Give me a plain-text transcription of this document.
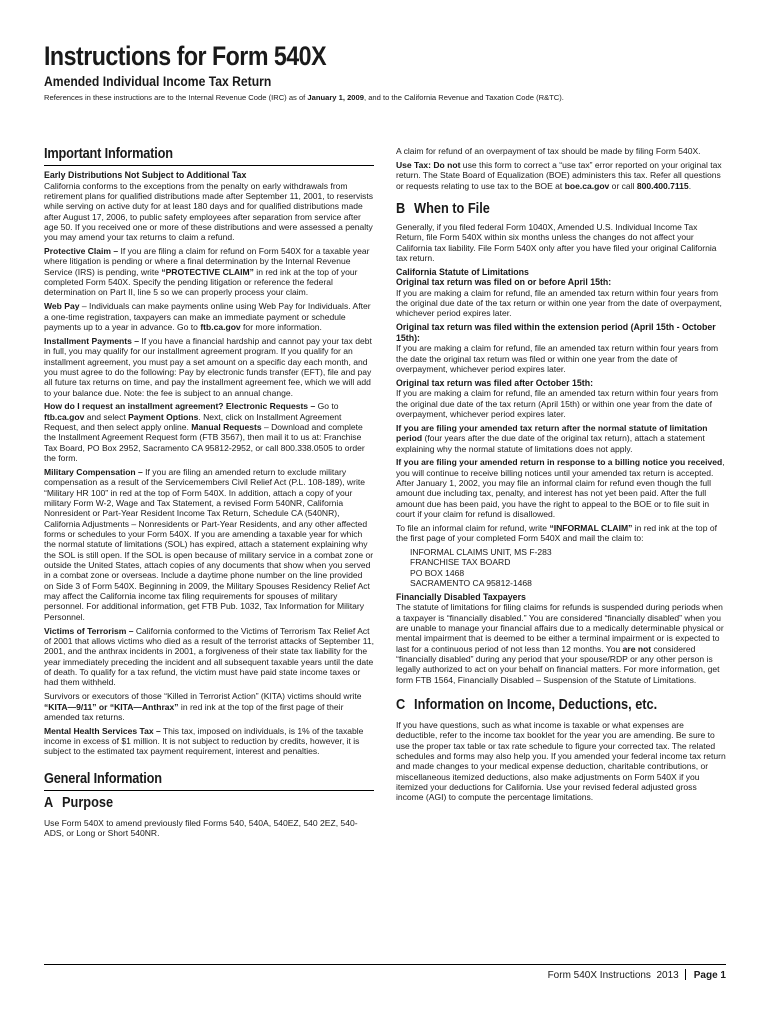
Instructions for Form 540X
Amended Individual Income Tax Return
References in these instructions are to the Internal Revenue Code (IRC) as of January 1, 2009, and to the California Revenue and Taxation Code (R&TC).
Important Information
Early Distributions Not Subject to Additional Tax

California conforms to the exceptions from the penalty on early withdrawals from retirement plans for qualified distributions made after September 11, 2001, to reservists while serving on active duty for at least 180 days and for qualified distributions made after August 17, 2006, to public safety employees after separation from service after age 50. If you received one or more of these distributions and were assessed a penalty you may amend your tax returns to claim a refund.

Protective Claim – If you are filing a claim for refund on Form 540X for a taxable year where litigation is pending or where a final determination by the Internal Revenue Service (IRS) is pending, write “PROTECTIVE CLAIM” in red ink at the top of your completed Form 540X. Specify the pending litigation or reference the federal determination on Part II, line 5 so we can properly process your claim.

Web Pay – Individuals can make payments online using Web Pay for Individuals. After a one-time registration, taxpayers can make an immediate payment or schedule payments up to a year in advance. Go to ftb.ca.gov for more information.

Installment Payments – If you have a financial hardship and cannot pay your tax debt in full, you may qualify for our installment agreement program. If you qualify for an installment agreement, you must pay a set amount on a specific day each month, and you must agree to do the following: Pay by electronic funds transfer (EFT), file and pay all future tax returns on time, and pay the installment agreement fee, which we will add to your balance due. Note: the fee is subject to an annual change.

How do I request an installment agreement? Electronic Requests – Go to ftb.ca.gov and select Payment Options. Next, click on Installment Agreement Request, and then select apply online. Manual Requests – Download and complete the Installment Agreement Request form (FTB 3567), then mail it to us at: Franchise Tax Board, PO Box 2952, Sacramento CA 95812-2952, or call 800.338.0505 to order the form.

Military Compensation – If you are filing an amended return to exclude military compensation as a result of the Servicemembers Civil Relief Act (P.L. 108-189), write “Military HR 100” in red at the top of Form 540X. In addition, attach a copy of your military Form W-2, Wage and Tax Statement, a revised Form 540NR, California Nonresident or Part-Year Resident Income Tax Return, Schedule CA (540NR), California Adjustments – Nonresidents or Part-Year Residents, and any other affected forms or schedules to your Form 540X. If you are amending a taxable year for which the normal statute of limitations (SOL) has expired, attach a statement explaining why the SOL is still open. If the SOL is open because of military service in a combat zone or outside the United States, attach copies of any documents that show when you served in a combat zone or overseas. Include a daytime phone number on the line provided on Side 3 of Form 540X. Beginning in 2009, the Military Spouses Residency Relief Act may affect the California income tax filing requirements for spouses of military personnel. For additional information, get FTB Pub. 1032, Tax Information for Military Personnel.

Victims of Terrorism – California conformed to the Victims of Terrorism Tax Relief Act of 2001 that allows victims who died as a result of the terrorist attacks of September 11, 2001, and the anthrax incidents in 2001, a forgiveness of their state tax liability for the year immediately preceding the incident and all subsequent taxable years until the date of death. To qualify for a tax refund, the victim must have paid state income taxes or had them withheld.

Survivors or executors of those “Killed in Terrorist Action” (KITA) victims should write “KITA—9/11” or “KITA—Anthrax” in red ink at the top of the first page of their amended tax returns.

Mental Health Services Tax – This tax, imposed on individuals, is 1% of the taxable income in excess of $1 million. It is not subject to reduction by credits, however, it is subject to the estimated tax payment requirement, interest and penalties.

General Information
A Purpose

Use Form 540X to amend previously filed Forms 540, 540A, 540EZ, 540 2EZ, 540-ADS, or Long or Short 540NR.

A claim for refund of an overpayment of tax should be made by filing Form 540X.

Use Tax: Do not use this form to correct a “use tax” error reported on your original tax return. The State Board of Equalization (BOE) administers this tax. Refer all questions or requests relating to use tax to the BOE at boe.ca.gov or call 800.400.7115.

B When to File

Generally, if you filed federal Form 1040X, Amended U.S. Individual Income Tax Return, file Form 540X within six months unless the changes do not affect your California tax liability. File Form 540X only after you have filed your original California tax return.

California Statute of Limitations
Original tax return was filed on or before April 15th:

If you are making a claim for refund, file an amended tax return within four years from the original due date of the tax return or within one year from the date of overpayment, whichever period expires later.

Original tax return was filed within the extension period (April 15th - October 15th):

If you are making a claim for refund, file an amended tax return within four years from the date the original tax return was filed or within one year from the date of overpayment, whichever period expires later.

Original tax return was filed after October 15th:

If you are making a claim for refund, file an amended tax return within four years from the original due date of the tax return (April 15th) or within one year from the date of overpayment, whichever period expires later.

If you are filing your amended tax return after the normal statute of limitation period (four years after the due date of the original tax return), attach a statement explaining why the normal statute of limitations does not apply.

If you are filing your amended return in response to a billing notice you received, you will continue to receive billing notices until your amended tax return is accepted. After January 1, 2002, you may file an informal claim for refund even though the full amount due including tax, penalty, and interest has not yet been paid. After the full amount due has been paid, you have the right to appeal to the BOE or to file suit in court if your claim for refund is disallowed.

To file an informal claim for refund, write “INFORMAL CLAIM” in red ink at the top of the first page of your completed Form 540X and mail the claim to:

INFORMAL CLAIMS UNIT, MS F-283
FRANCHISE TAX BOARD
PO BOX 1468
SACRAMENTO CA 95812-1468
Financially Disabled Taxpayers

The statute of limitations for filing claims for refunds is suspended during periods when a taxpayer is “financially disabled.” You are considered “financially disabled” when you are unable to manage your financial affairs due to a medically determinable physical or mental impairment that is deemed to be either a terminal impairment or is expected to last for a continuous period of not less than 12 months. You are not considered “financially disabled” during any period that your spouse/RDP or any other person is legally authorized to act on your behalf on financial matters. For more information, get form FTB 1564, Financially Disabled – Suspension of the Statute of Limitations.

C Information on Income, Deductions, etc.

If you have questions, such as what income is taxable or what expenses are deductible, refer to the income tax booklet for the year you are amending. Be sure to use the proper tax table or tax rate schedule to figure your corrected tax. The related schedules and forms may also help you. If you amended your federal income tax return and made changes to your medical expense deduction, charitable contributions, or miscellaneous itemized deductions, also make adjustments on Form 540X if you itemized your deductions for California. Use your revised federal adjusted gross income (AGI) to compute the percentage limitations.

Form 540X Instructions  2013 Page 1
